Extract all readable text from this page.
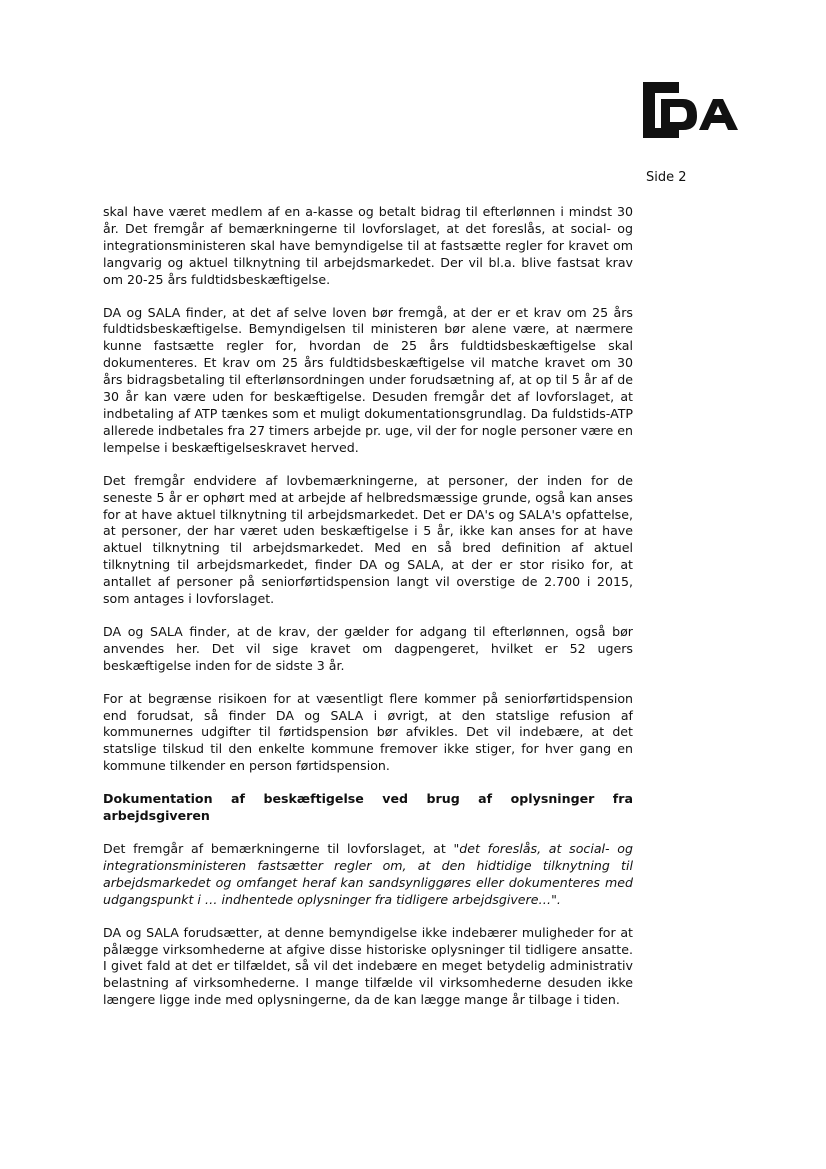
Side 2

skal have været medlem af en a-kasse og betalt bidrag til efterlønnen i mindst 30 år. Det fremgår af bemærkningerne til lovforslaget, at det foreslås, at social- og integrationsministeren skal have bemyndigelse til at fastsætte regler for kravet om langvarig og aktuel tilknytning til arbejdsmarkedet. Der vil bl.a. blive fastsat krav om 20-25 års fuldtidsbeskæftigelse.

DA og SALA finder, at det af selve loven bør fremgå, at der er et krav om 25 års fuldtidsbeskæftigelse. Bemyndigelsen til ministeren bør alene være, at nærmere kunne fastsætte regler for, hvordan de 25 års fuldtidsbeskæftigelse skal dokumenteres. Et krav om 25 års fuldtidsbeskæftigelse vil matche kravet om 30 års bidragsbetaling til efterlønsordningen under forudsætning af, at op til 5 år af de 30 år kan være uden for beskæftigelse. Desuden fremgår det af lovforslaget, at indbetaling af ATP tænkes som et muligt dokumentationsgrundlag. Da fuldstids-ATP allerede indbetales fra 27 timers arbejde pr. uge, vil der for nogle personer være en lempelse i beskæftigelseskravet herved.

Det fremgår endvidere af lovbemærkningerne, at personer, der inden for de seneste 5 år er ophørt med at arbejde af helbredsmæssige grunde, også kan anses for at have aktuel tilknytning til arbejdsmarkedet. Det er DA's og SALA's opfattelse, at personer, der har været uden beskæftigelse i 5 år, ikke kan anses for at have aktuel tilknytning til arbejdsmarkedet. Med en så bred definition af aktuel tilknytning til arbejdsmarkedet, finder DA og SALA, at der er stor risiko for, at antallet af personer på seniorførtidspension langt vil overstige de 2.700 i 2015, som antages i lovforslaget.

DA og SALA finder, at de krav, der gælder for adgang til efterlønnen, også bør anvendes her. Det vil sige kravet om dagpengeret, hvilket er 52 ugers beskæftigelse inden for de sidste 3 år.

For at begrænse risikoen for at væsentligt flere kommer på seniorførtidspension end forudsat, så finder DA og SALA i øvrigt, at den statslige refusion af kommunernes udgifter til førtidspension bør afvikles. Det vil indebære, at det statslige tilskud til den enkelte kommune fremover ikke stiger, for hver gang en kommune tilkender en person førtidspension.

Dokumentation af beskæftigelse ved brug af oplysninger fra arbejdsgiveren

Det fremgår af bemærkningerne til lovforslaget, at "det foreslås, at social- og integrationsministeren fastsætter regler om, at den hidtidige tilknytning til arbejdsmarkedet og omfanget heraf kan sandsynliggøres eller dokumenteres med udgangspunkt i … indhentede oplysninger fra tidligere arbejdsgivere…".

DA og SALA forudsætter, at denne bemyndigelse ikke indebærer muligheder for at pålægge virksomhederne at afgive disse historiske oplysninger til tidligere ansatte. I givet fald at det er tilfældet, så vil det indebære en meget betydelig administrativ belastning af virksomhederne. I mange tilfælde vil virksomhederne desuden ikke længere ligge inde med oplysningerne, da de kan lægge mange år tilbage i tiden.
